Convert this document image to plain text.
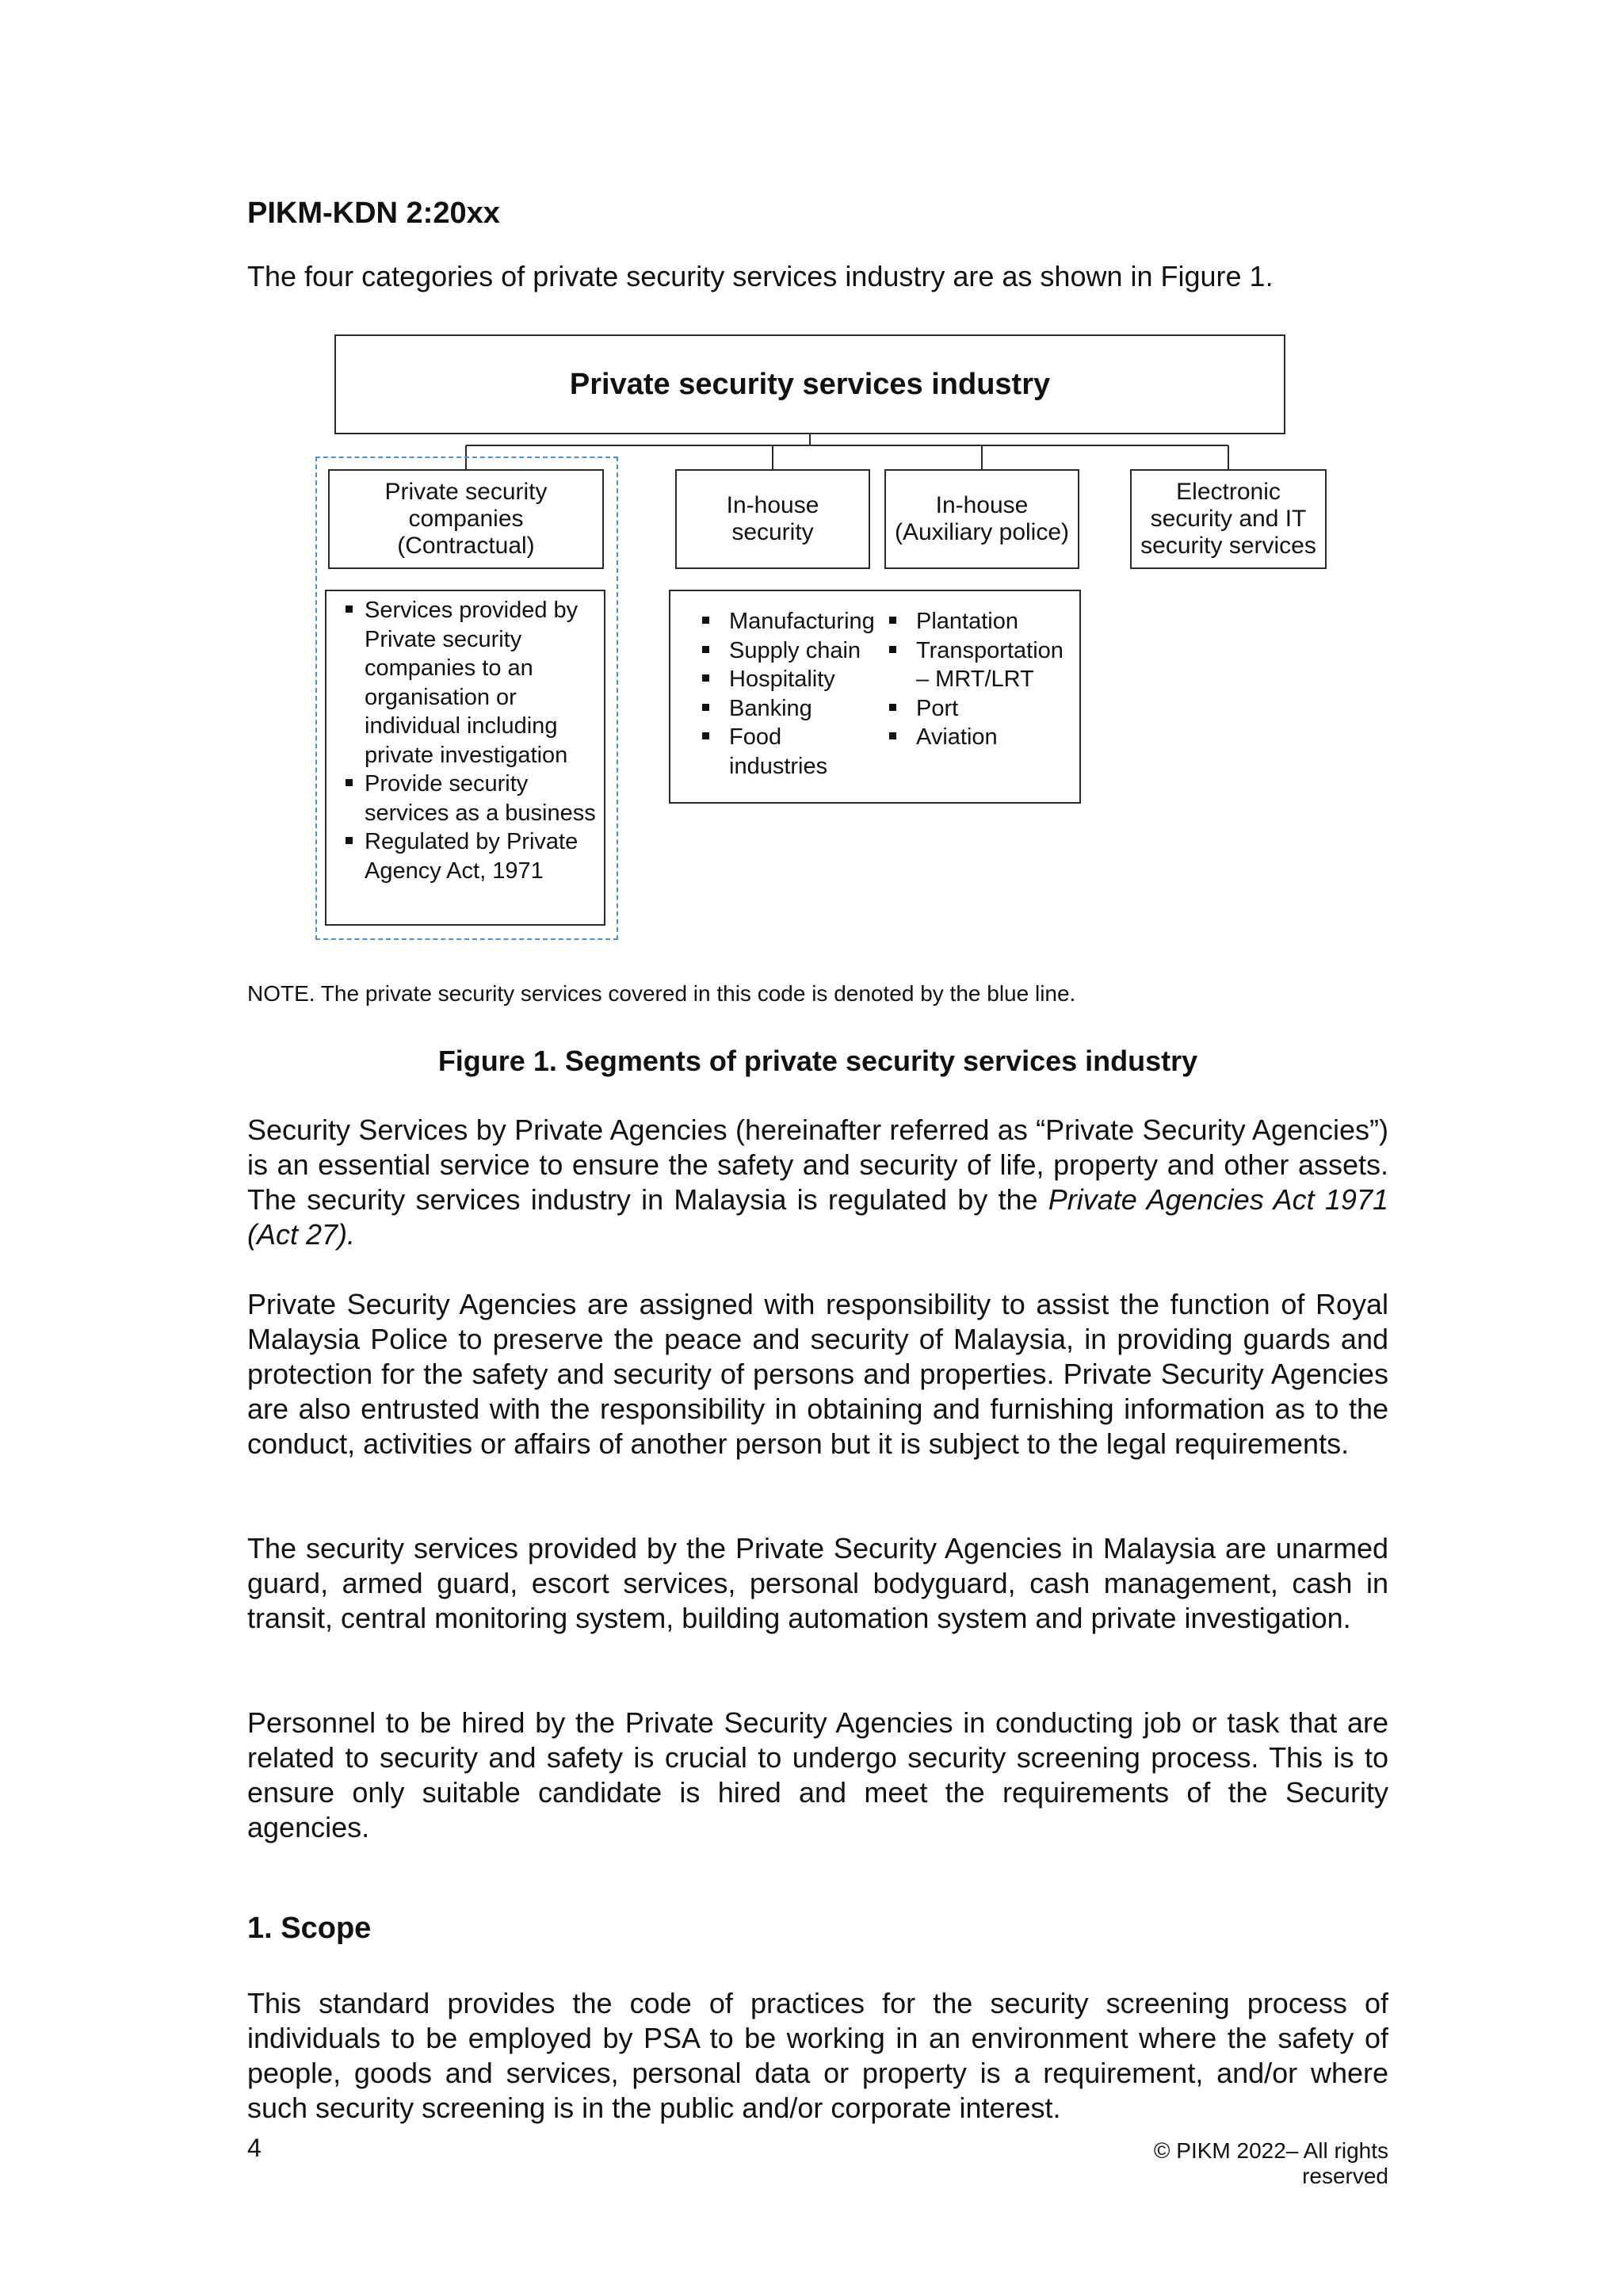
PIKM-KDN 2:20xx
The four categories of private security services industry are as shown in Figure 1.
Private security services industry
Private security
companies
(Contractual)
In-house
security
In-house
(Auxiliary police)
Electronic
security and IT
security services
Services provided by Private security companies to an organisation or individual including private investigation
Provide security services as a business
Regulated by Private Agency Act, 1971
Manufacturing
Supply chain
Hospitality
Banking
Food industries
Plantation
Transportation – MRT/LRT
Port
Aviation
NOTE. The private security services covered in this code is denoted by the blue line.
Figure 1. Segments of private security services industry

Security Services by Private Agencies (hereinafter referred as “Private Security Agencies”) is an essential service to ensure the safety and security of life, property and other assets. The security services industry in Malaysia is regulated by the Private Agencies Act 1971 (Act 27).

Private Security Agencies are assigned with responsibility to assist the function of Royal Malaysia Police to preserve the peace and security of Malaysia, in providing guards and protection for the safety and security of persons and properties. Private Security Agencies are also entrusted with the responsibility in obtaining and furnishing information as to the conduct, activities or affairs of another person but it is subject to the legal requirements.

The security services provided by the Private Security Agencies in Malaysia are unarmed guard, armed guard, escort services, personal bodyguard, cash management, cash in transit, central monitoring system, building automation system and private investigation.

Personnel to be hired by the Private Security Agencies in conducting job or task that are related to security and safety is crucial to undergo security screening process. This is to ensure only suitable candidate is hired and meet the requirements of the Security agencies.

1. Scope

This standard provides the code of practices for the security screening process of individuals to be employed by PSA to be working in an environment where the safety of people, goods and services, personal data or property is a requirement, and/or where such security screening is in the public and/or corporate interest.

4	© PIKM 2022– All rights reserved
